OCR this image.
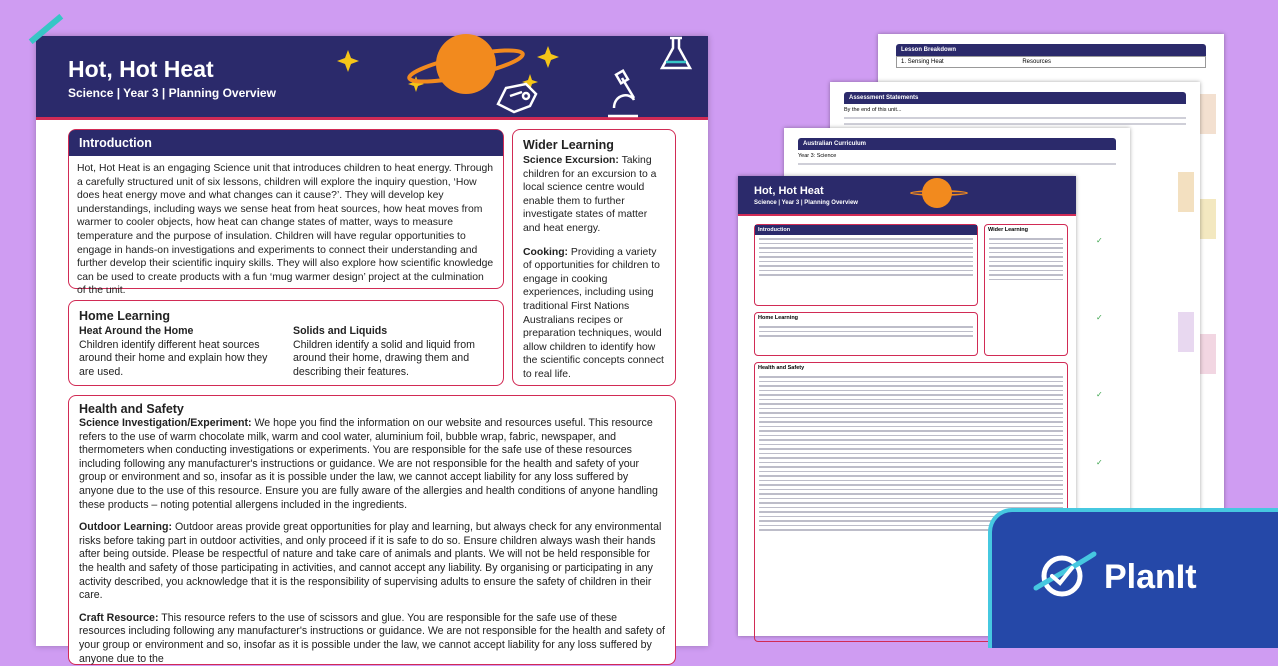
Lesson Breakdown
1. Sensing Heat	Resources
Assessment Statements
By the end of this unit...
Australian Curriculum
Year 3: Science
✓
✓
✓
✓
Hot, Hot Heat
Science | Year 3 | Planning Overview
Introduction	Wider Learning
Home Learning
Health and Safety
Hot, Hot Heat
Science | Year 3 | Planning Overview
Introduction
Hot, Hot Heat is an engaging Science unit that introduces children to heat energy. Through a carefully structured unit of six lessons, children will explore the inquiry question, ‘How does heat energy move and what changes can it cause?’. They will develop key understandings, including ways we sense heat from heat sources, how heat moves from warmer to cooler objects, how heat can change states of matter, ways to measure temperature and the purpose of insulation. Children will have regular opportunities to engage in hands-on investigations and experiments to connect their understanding and further develop their scientific inquiry skills. They will also explore how scientific knowledge can be used to create products with a fun ‘mug warmer design’ project at the culmination of the unit.
Wider Learning
Science Excursion: Taking children for an excursion to a local science centre would enable them to further investigate states of matter and heat energy.
Cooking: Providing a variety of opportunities for children to engage in cooking experiences, including using traditional First Nations Australians recipes or preparation techniques, would allow children to identify how the scientific concepts connect to real life.
Home Learning
Heat Around the Home
Children identify different heat sources around their home and explain how they are used.
Solids and Liquids
Children identify a solid and liquid from around their home, drawing them and describing their features.
Health and Safety
Science Investigation/Experiment: We hope you find the information on our website and resources useful. This resource refers to the use of warm chocolate milk, warm and cool water, aluminium foil, bubble wrap, fabric, newspaper, and thermometers when conducting investigations or experiments. You are responsible for the safe use of these resources including following any manufacturer's instructions or guidance. We are not responsible for the health and safety of your group or environment and so, insofar as it is possible under the law, we cannot accept liability for any loss suffered by anyone due to the use of this resource. Ensure you are fully aware of the allergies and health conditions of anyone handling these products – noting potential allergens included in the ingredients.
Outdoor Learning: Outdoor areas provide great opportunities for play and learning, but always check for any environmental risks before taking part in outdoor activities, and only proceed if it is safe to do so. Ensure children always wash their hands after being outside. Please be respectful of nature and take care of animals and plants. We will not be held responsible for the health and safety of those participating in activities, and cannot accept any liability. By organising or participating in any activity described, you acknowledge that it is the responsibility of supervising adults to ensure the safety of children in their care.
Craft Resource: This resource refers to the use of scissors and glue. You are responsible for the safe use of these resources including following any manufacturer's instructions or guidance. We are not responsible for the health and safety of your group or environment and so, insofar as it is possible under the law, we cannot accept liability for any loss suffered by anyone due to the
PlanIt
